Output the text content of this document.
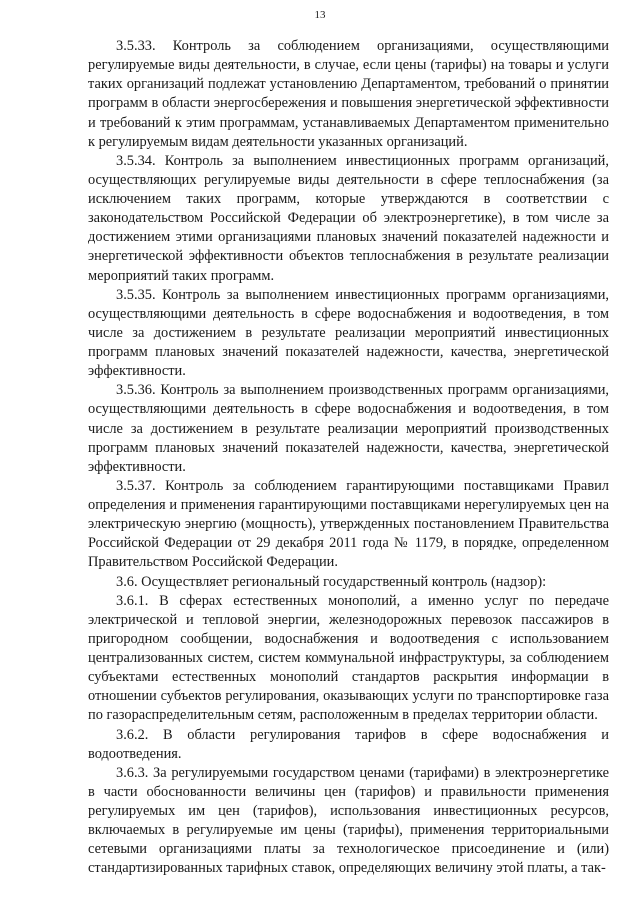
13

3.5.33. Контроль за соблюдением организациями, осуществляющими регулируемые виды деятельности, в случае, если цены (тарифы) на товары и услуги таких организаций подлежат установлению Департаментом, требований о принятии программ в области энергосбережения и повышения энергетической эффективности и требований к этим программам, устанавливаемых Департаментом применительно к регулируемым видам деятельности указанных организаций.

3.5.34. Контроль за выполнением инвестиционных программ организаций, осуществляющих регулируемые виды деятельности в сфере теплоснабжения (за исключением таких программ, которые утверждаются в соответствии с законодательством Российской Федерации об электроэнергетике), в том числе за достижением этими организациями плановых значений показателей надежности и энергетической эффективности объектов теплоснабжения в результате реализации мероприятий таких программ.

3.5.35. Контроль за выполнением инвестиционных программ организациями, осуществляющими деятельность в сфере водоснабжения и водоотведения, в том числе за достижением в результате реализации мероприятий инвестиционных программ плановых значений показателей надежности, качества, энергетической эффективности.

3.5.36. Контроль за выполнением производственных программ организациями, осуществляющими деятельность в сфере водоснабжения и водоотведения, в том числе за достижением в результате реализации мероприятий производственных программ плановых значений показателей надежности, качества, энергетической эффективности.

3.5.37. Контроль за соблюдением гарантирующими поставщиками Правил определения и применения гарантирующими поставщиками нерегулируемых цен на электрическую энергию (мощность), утвержденных постановлением Правительства Российской Федерации от 29 декабря 2011 года № 1179, в порядке, определенном Правительством Российской Федерации.

3.6. Осуществляет региональный государственный контроль (надзор):

3.6.1. В сферах естественных монополий, а именно услуг по передаче электрической и тепловой энергии, железнодорожных перевозок пассажиров в пригородном сообщении, водоснабжения и водоотведения с использованием централизованных систем, систем коммунальной инфраструктуры, за соблюдением субъектами естественных монополий стандартов раскрытия информации в отношении субъектов регулирования, оказывающих услуги по транспортировке газа по газораспределительным сетям, расположенным в пределах территории области.

3.6.2. В области регулирования тарифов в сфере водоснабжения и водоотведения.

3.6.3. За регулируемыми государством ценами (тарифами) в электроэнергетике в части обоснованности величины цен (тарифов) и правильности применения регулируемых им цен (тарифов), использования инвестиционных ресурсов, включаемых в регулируемые им цены (тарифы), применения территориальными сетевыми организациями платы за технологическое присоединение и (или) стандартизированных тарифных ставок, определяющих величину этой платы, а так-
